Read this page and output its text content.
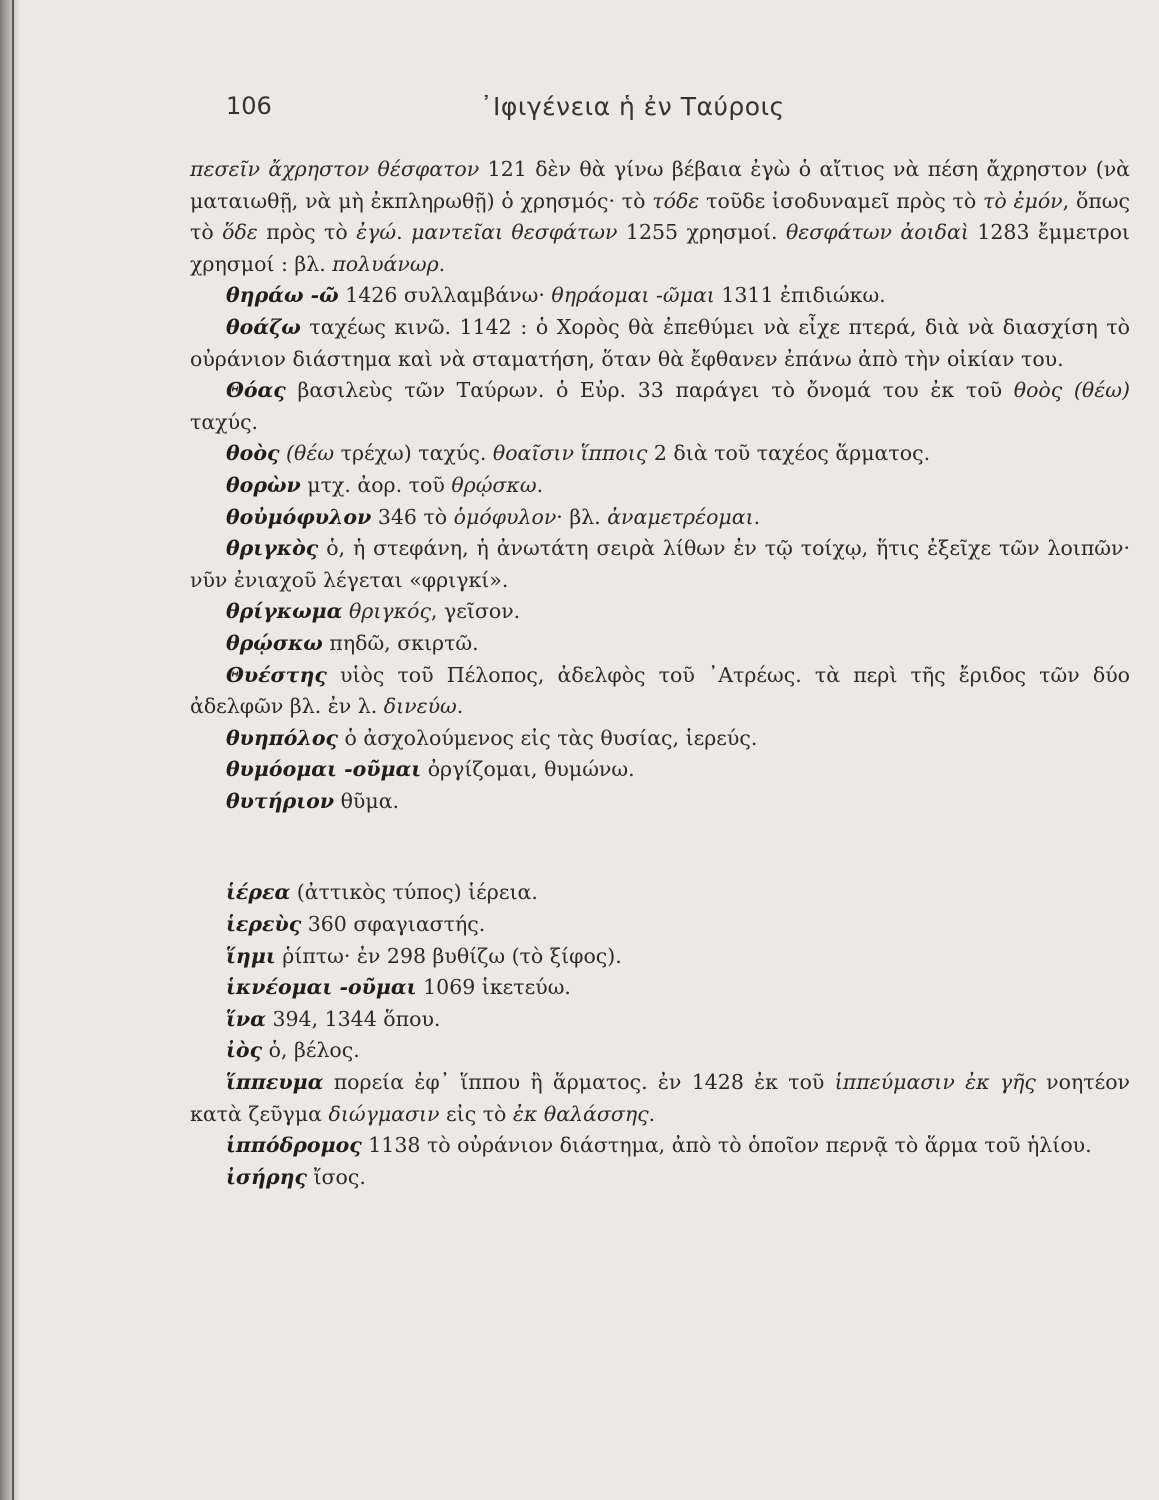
106	᾿Ιφιγένεια ἡ ἐν Ταύροις

πεσεῖν ἄχρηστον θέσφατον 121 δὲν θὰ γίνω βέβαια ἐγὼ ὁ αἴτιος νὰ πέση ἄχρηστον (νὰ ματαιωθῇ, νὰ μὴ ἐκπληρωθῇ) ὁ χρησμός· τὸ τόδε τοῦδε ἰσοδυναμεῖ πρὸς τὸ τὸ ἐμόν, ὅπως τὸ ὅδε πρὸς τὸ ἐγώ. μαντεῖαι θεσφάτων 1255 χρησμοί. θεσφάτων ἀοιδαὶ 1283 ἔμμετροι χρησμοί : βλ. πολυάνωρ.

θηράω -ῶ 1426 συλλαμβάνω· θηράομαι -ῶμαι 1311 ἐπιδιώκω.

θοάζω ταχέως κινῶ. 1142 : ὁ Χορὸς θὰ ἐπεθύμει νὰ εἶχε πτερά, διὰ νὰ διασχίση τὸ οὐράνιον διάστημα καὶ νὰ σταματήση, ὅταν θὰ ἔφθανεν ἐπάνω ἀπὸ τὴν οἰκίαν του.

Θόας βασιλεὺς τῶν Ταύρων. ὁ Εὐρ. 33 παράγει τὸ ὄνομά του ἐκ τοῦ θοὸς (θέω) ταχύς.

θοὸς (θέω τρέχω) ταχύς. θοαῖσιν ἵπποις 2 διὰ τοῦ ταχέος ἅρματος.

θορὼν μτχ. ἀορ. τοῦ θρῴσκω.

θοὐμόφυλον 346 τὸ ὁμόφυλον· βλ. ἀναμετρέομαι.

θριγκὸς ὁ, ἡ στεφάνη, ἡ ἀνωτάτη σειρὰ λίθων ἐν τῷ τοίχῳ, ἥτις ἐξεῖχε τῶν λοιπῶν· νῦν ἐνιαχοῦ λέγεται «φριγκί».

θρίγκωμα θριγκός, γεῖσον.

θρῴσκω πηδῶ, σκιρτῶ.

Θυέστης υἱὸς τοῦ Πέλοπος, ἀδελφὸς τοῦ ᾿Ατρέως. τὰ περὶ τῆς ἔριδος τῶν δύο ἀδελφῶν βλ. ἐν λ. δινεύω.

θυηπόλος ὁ ἀσχολούμενος εἰς τὰς θυσίας, ἱερεύς.

θυμόομαι -οῦμαι ὀργίζομαι, θυμώνω.

θυτήριον θῦμα.

ἱέρεα (ἀττικὸς τύπος) ἱέρεια.

ἱερεὺς 360 σφαγιαστής.

ἵημι ῥίπτω· ἐν 298 βυθίζω (τὸ ξίφος).

ἱκνέομαι -οῦμαι 1069 ἱκετεύω.

ἵνα 394, 1344 ὅπου.

ἰὸς ὁ, βέλος.

ἵππευμα πορεία ἐφ᾿ ἵππου ἢ ἅρματος. ἐν 1428 ἐκ τοῦ ἱππεύμασιν ἐκ γῆς νοητέον κατὰ ζεῦγμα διώγμασιν εἰς τὸ ἐκ θαλάσσης.

ἱππόδρομος 1138 τὸ οὐράνιον διάστημα, ἀπὸ τὸ ὁποῖον περνᾷ τὸ ἅρμα τοῦ ἡλίου.

ἰσήρης ἴσος.
